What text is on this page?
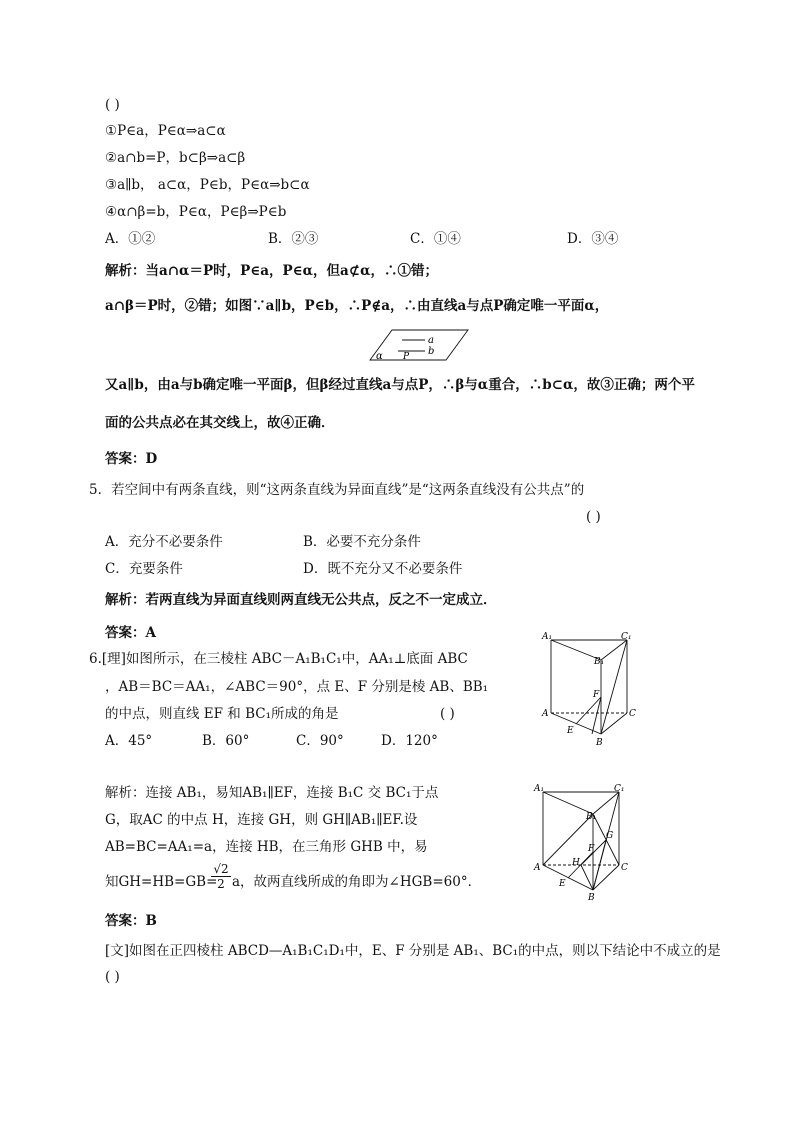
( )
①P∈a，P∈α⇒a⊂α
②a∩b=P，b⊂β⇒a⊂β
③a∥b， a⊂α，P∈b，P∈α⇒b⊂α
④α∩β=b，P∈α，P∈β⇒P∈b
A．①②	B．②③	C．①④	D．③④
解析：当a∩α＝P时，P∈a，P∈α，但a⊄α，∴①错；
a∩β＝P时，②错；如图∵a∥b，P∈b，∴P∉a，∴由直线a与点P确定唯一平面α，
a
b
P
α
又a∥b，由a与b确定唯一平面β，但β经过直线a与点P，∴β与α重合，∴b⊂α，故③正确；两个平
面的公共点必在其交线上，故④正确．
答案：D
5．若空间中有两条直线，则“这两条直线为异面直线”是“这两条直线没有公共点”的
( )
A．充分不必要条件	B．必要不充分条件
C．充要条件	D．既不充分又不必要条件
解析：若两直线为异面直线则两直线无公共点，反之不一定成立．
答案：A
6.[理]如图所示，在三棱柱 ABC－A₁B₁C₁中，AA₁⊥底面 ABC
，AB＝BC＝AA₁，∠ABC＝90°，点 E、F 分别是棱 AB、BB₁
的中点，则直线 EF 和 BC₁所成的角是	( )
A．45°	B．60°	C．90°	D．120°
A₁	C₁
B₁
F
A	C
E
B
解析：连接 AB₁，易知AB₁∥EF，连接 B₁C 交 BC₁于点
G，取AC 的中点 H，连接 GH，则 GH∥AB₁∥EF.设
AB=BC=AA₁=a，连接 HB，在三角形 GHB 中，易
知GH=HB=GB=
$\frac{√2}{2}$ a，故两直线所成的角即为∠HGB=60°．
A₁	C₁
B₁
G
F
H
A	C
E
B
答案：B
[文]如图在正四棱柱 ABCD—A₁B₁C₁D₁中，E、F 分别是 AB₁、BC₁的中点，则以下结论中不成立的是
( )
